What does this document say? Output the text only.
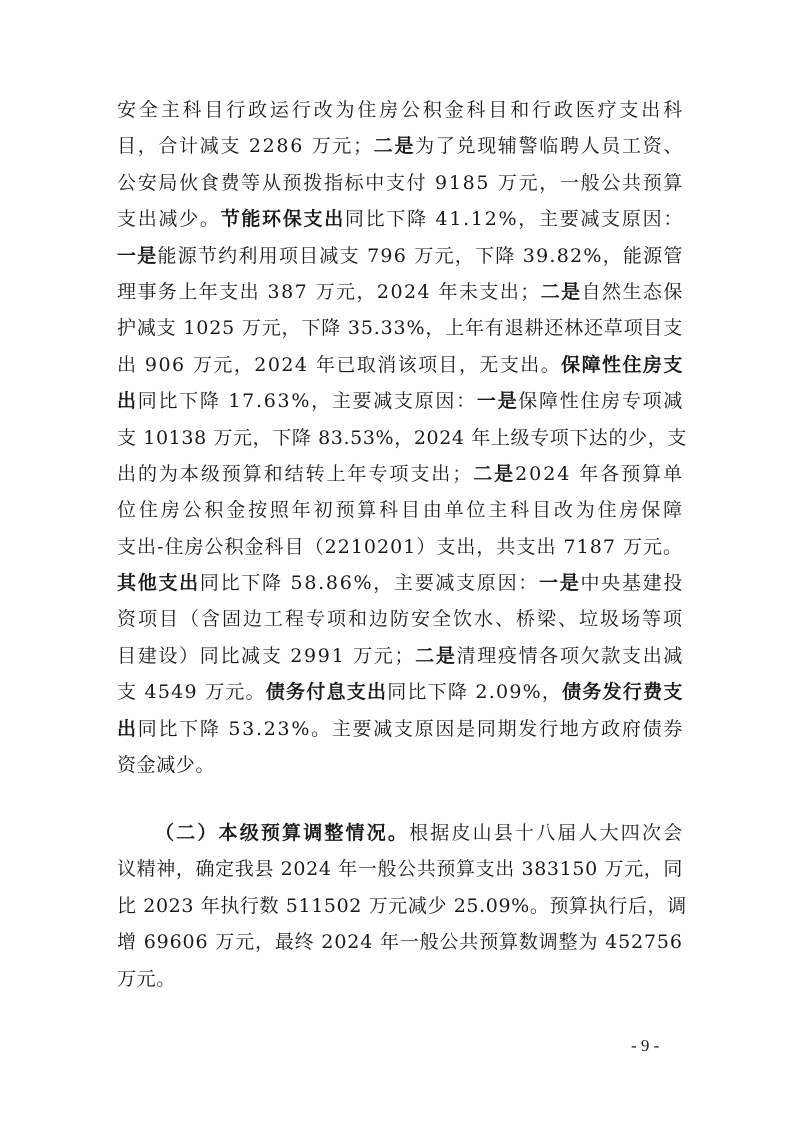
安 全 主 科 目 行 政 运 行 改 为 住 房 公 积 金 科 目 和 行 政 医 疗 支 出 科
目 ， 合 计 减 支
2 2 8 6
万 元 ； 二 是 为 了 兑 现 辅 警 临 聘 人 员 工 资 、
公 安 局 伙 食 费 等 从 预 拨 指 标 中 支 付
9 1 8 5
万 元 ， 一 般 公 共 预 算
支 出 减 少 。 节 能 环 保 支 出 同 比 下 降
4 1 . 1 2 % ， 主 要 减 支 原 因 ：
一 是 能 源 节 约 利 用 项 目 减 支
7 9 6
万 元 ， 下 降
3 9 . 8 2 % ， 能 源 管
理 事 务 上 年 支 出
3 8 7
万 元 ， 2 0 2 4
年 未 支 出 ； 二 是 自 然 生 态 保
护 减 支
1 0 2 5
万 元 ， 下 降
3 5 . 3 3 % ， 上 年 有 退 耕 还 林 还 草 项 目 支
出
9 0 6
万 元 ， 2 0 2 4
年 已 取 消 该 项 目 ， 无 支 出 。 保 障 性 住 房 支
出 同 比 下 降
1 7 . 6 3 % ， 主 要 减 支 原 因 ： 一 是 保 障 性 住 房 专 项 减
支
1 0 1 3 8
万 元 ， 下 降
8 3 . 5 3 % ， 2 0 2 4
年 上 级 专 项 下 达 的 少 ， 支
出 的 为 本 级 预 算 和 结 转 上 年 专 项 支 出 ； 二 是 2 0 2 4
年 各 预 算 单
位 住 房 公 积 金 按 照 年 初 预 算 科 目 由 单 位 主 科 目 改 为 住 房 保 障
支 出 - 住 房 公 积 金 科 目 （ 2 2 1 0 2 0 1 ） 支 出 ， 共 支 出
7 1 8 7
万 元 。
其 他 支 出 同 比 下 降
5 8 . 8 6 % ， 主 要 减 支 原 因 ： 一 是 中 央 基 建 投
资 项 目 （ 含 固 边 工 程 专 项 和 边 防 安 全 饮 水 、 桥 梁 、 垃 圾 场 等 项
目 建 设 ） 同 比 减 支
2 9 9 1
万 元 ； 二 是 清 理 疫 情 各 项 欠 款 支 出 减
支
4 5 4 9
万 元 。 债 务 付 息 支 出 同 比 下 降
2 . 0 9 % ， 债 务 发 行 费 支
出 同 比 下 降
5 3 . 2 3 % 。 主 要 减 支 原 因 是 同 期 发 行 地 方 政 府 债 券
资金减少。
（ 二 ） 本 级 预 算 调 整 情 况 。 根 据 皮 山 县 十 八 届 人 大 四 次 会
议 精 神 ， 确 定 我 县
2 0 2 4
年 一 般 公 共 预 算 支 出
3 8 3 1 5 0
万 元 ， 同
比
2 0 2 3
年 执 行 数
5 1 1 5 0 2
万 元 减 少
2 5 . 0 9 % 。 预 算 执 行 后 ， 调
增
6 9 6 0 6
万 元 ， 最 终
2 0 2 4
年 一 般 公 共 预 算 数 调 整 为
4 5 2 7 5 6
万元。
- 9 -
